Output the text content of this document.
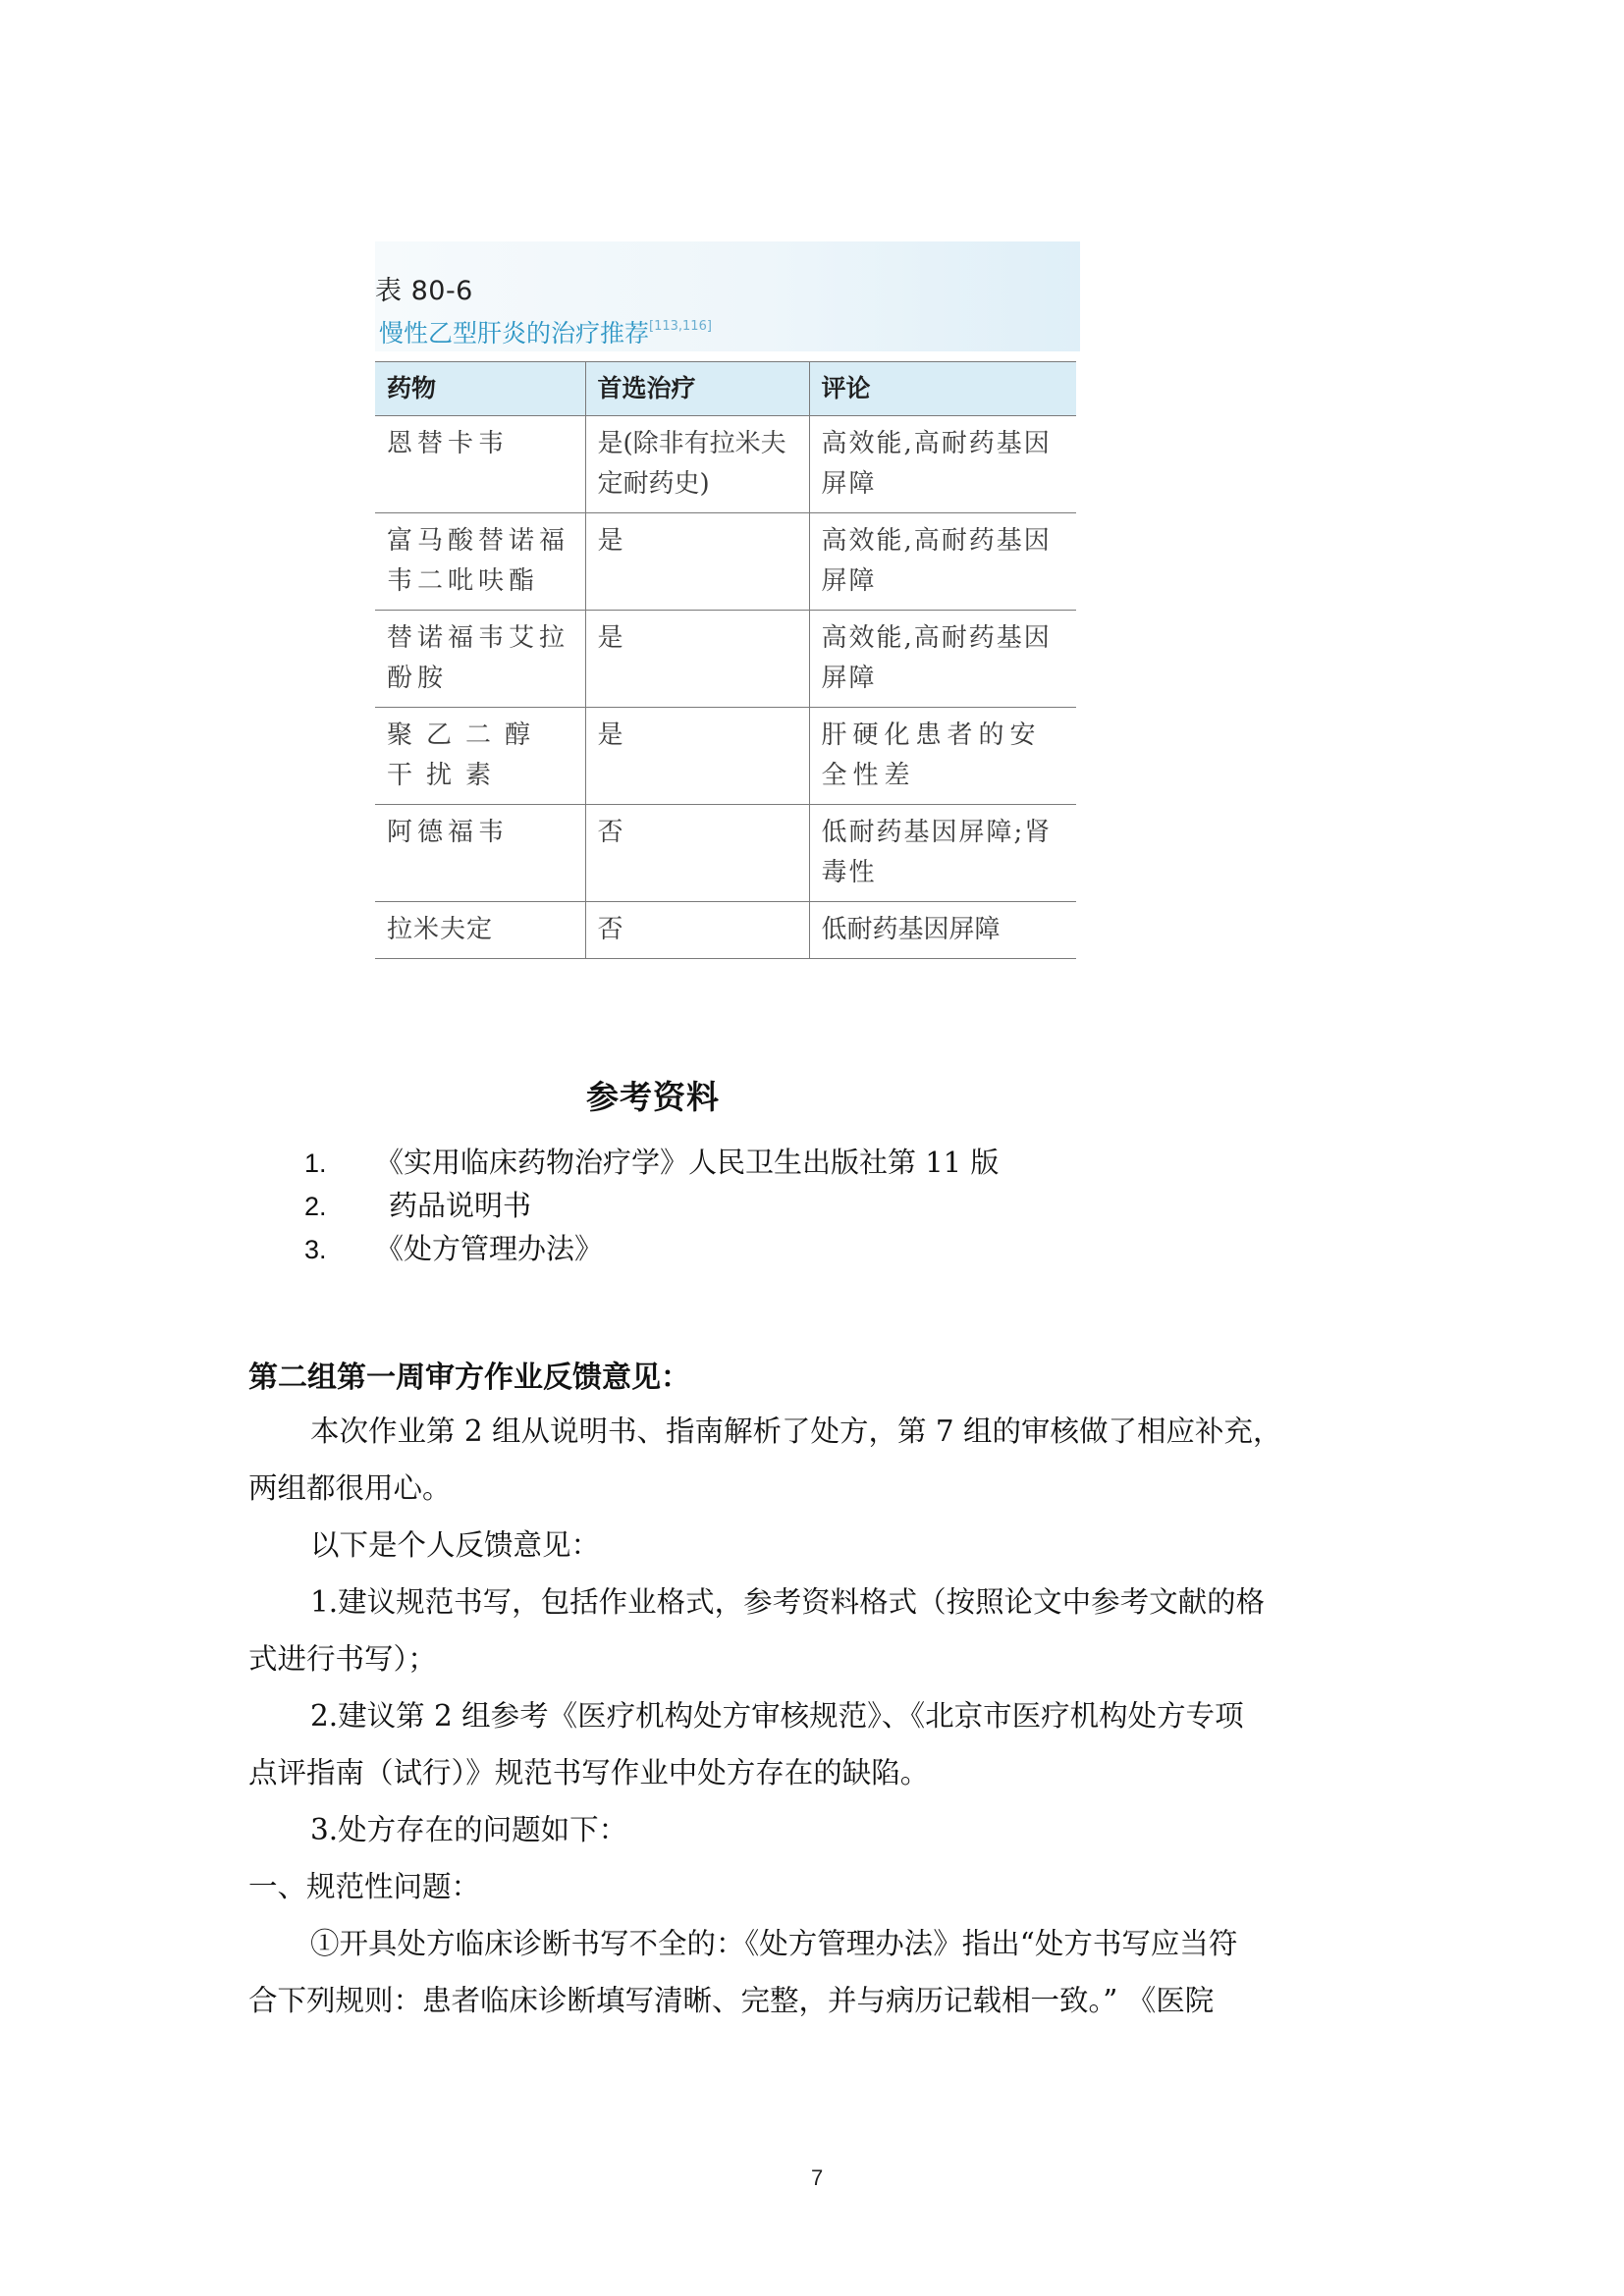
表 80-6
慢性乙型肝炎的治疗推荐[113,116]
药物	首选治疗	评论
恩替卡韦	是(除非有拉米夫定耐药史)	高效能,高耐药基因屏障
富马酸替诺福韦二吡呋酯	是	高效能,高耐药基因屏障
替诺福韦艾拉酚胺	是	高效能,高耐药基因屏障
聚乙二醇干扰素	是	肝硬化患者的安全性差
阿德福韦	否	低耐药基因屏障;肾毒性
拉米夫定	否	低耐药基因屏障
参考资料
1. 《实用临床药物治疗学》人民卫生出版社第 11 版
2. 药品说明书
3. 《处方管理办法》
第二组第一周审方作业反馈意见：

本次作业第 2 组从说明书、指南解析了处方，第 7 组的审核做了相应补充，
两组都很用心。

以下是个人反馈意见：

1.建议规范书写，包括作业格式，参考资料格式（按照论文中参考文献的格
式进行书写）；

2.建议第 2 组参考《医疗机构处方审核规范》、《北京市医疗机构处方专项
点评指南（试行）》规范书写作业中处方存在的缺陷。

3.处方存在的问题如下：

一、规范性问题：

①开具处方临床诊断书写不全的：《处方管理办法》指出“处方书写应当符
合下列规则：患者临床诊断填写清晰、完整，并与病历记载相一致。” 《医院

7
